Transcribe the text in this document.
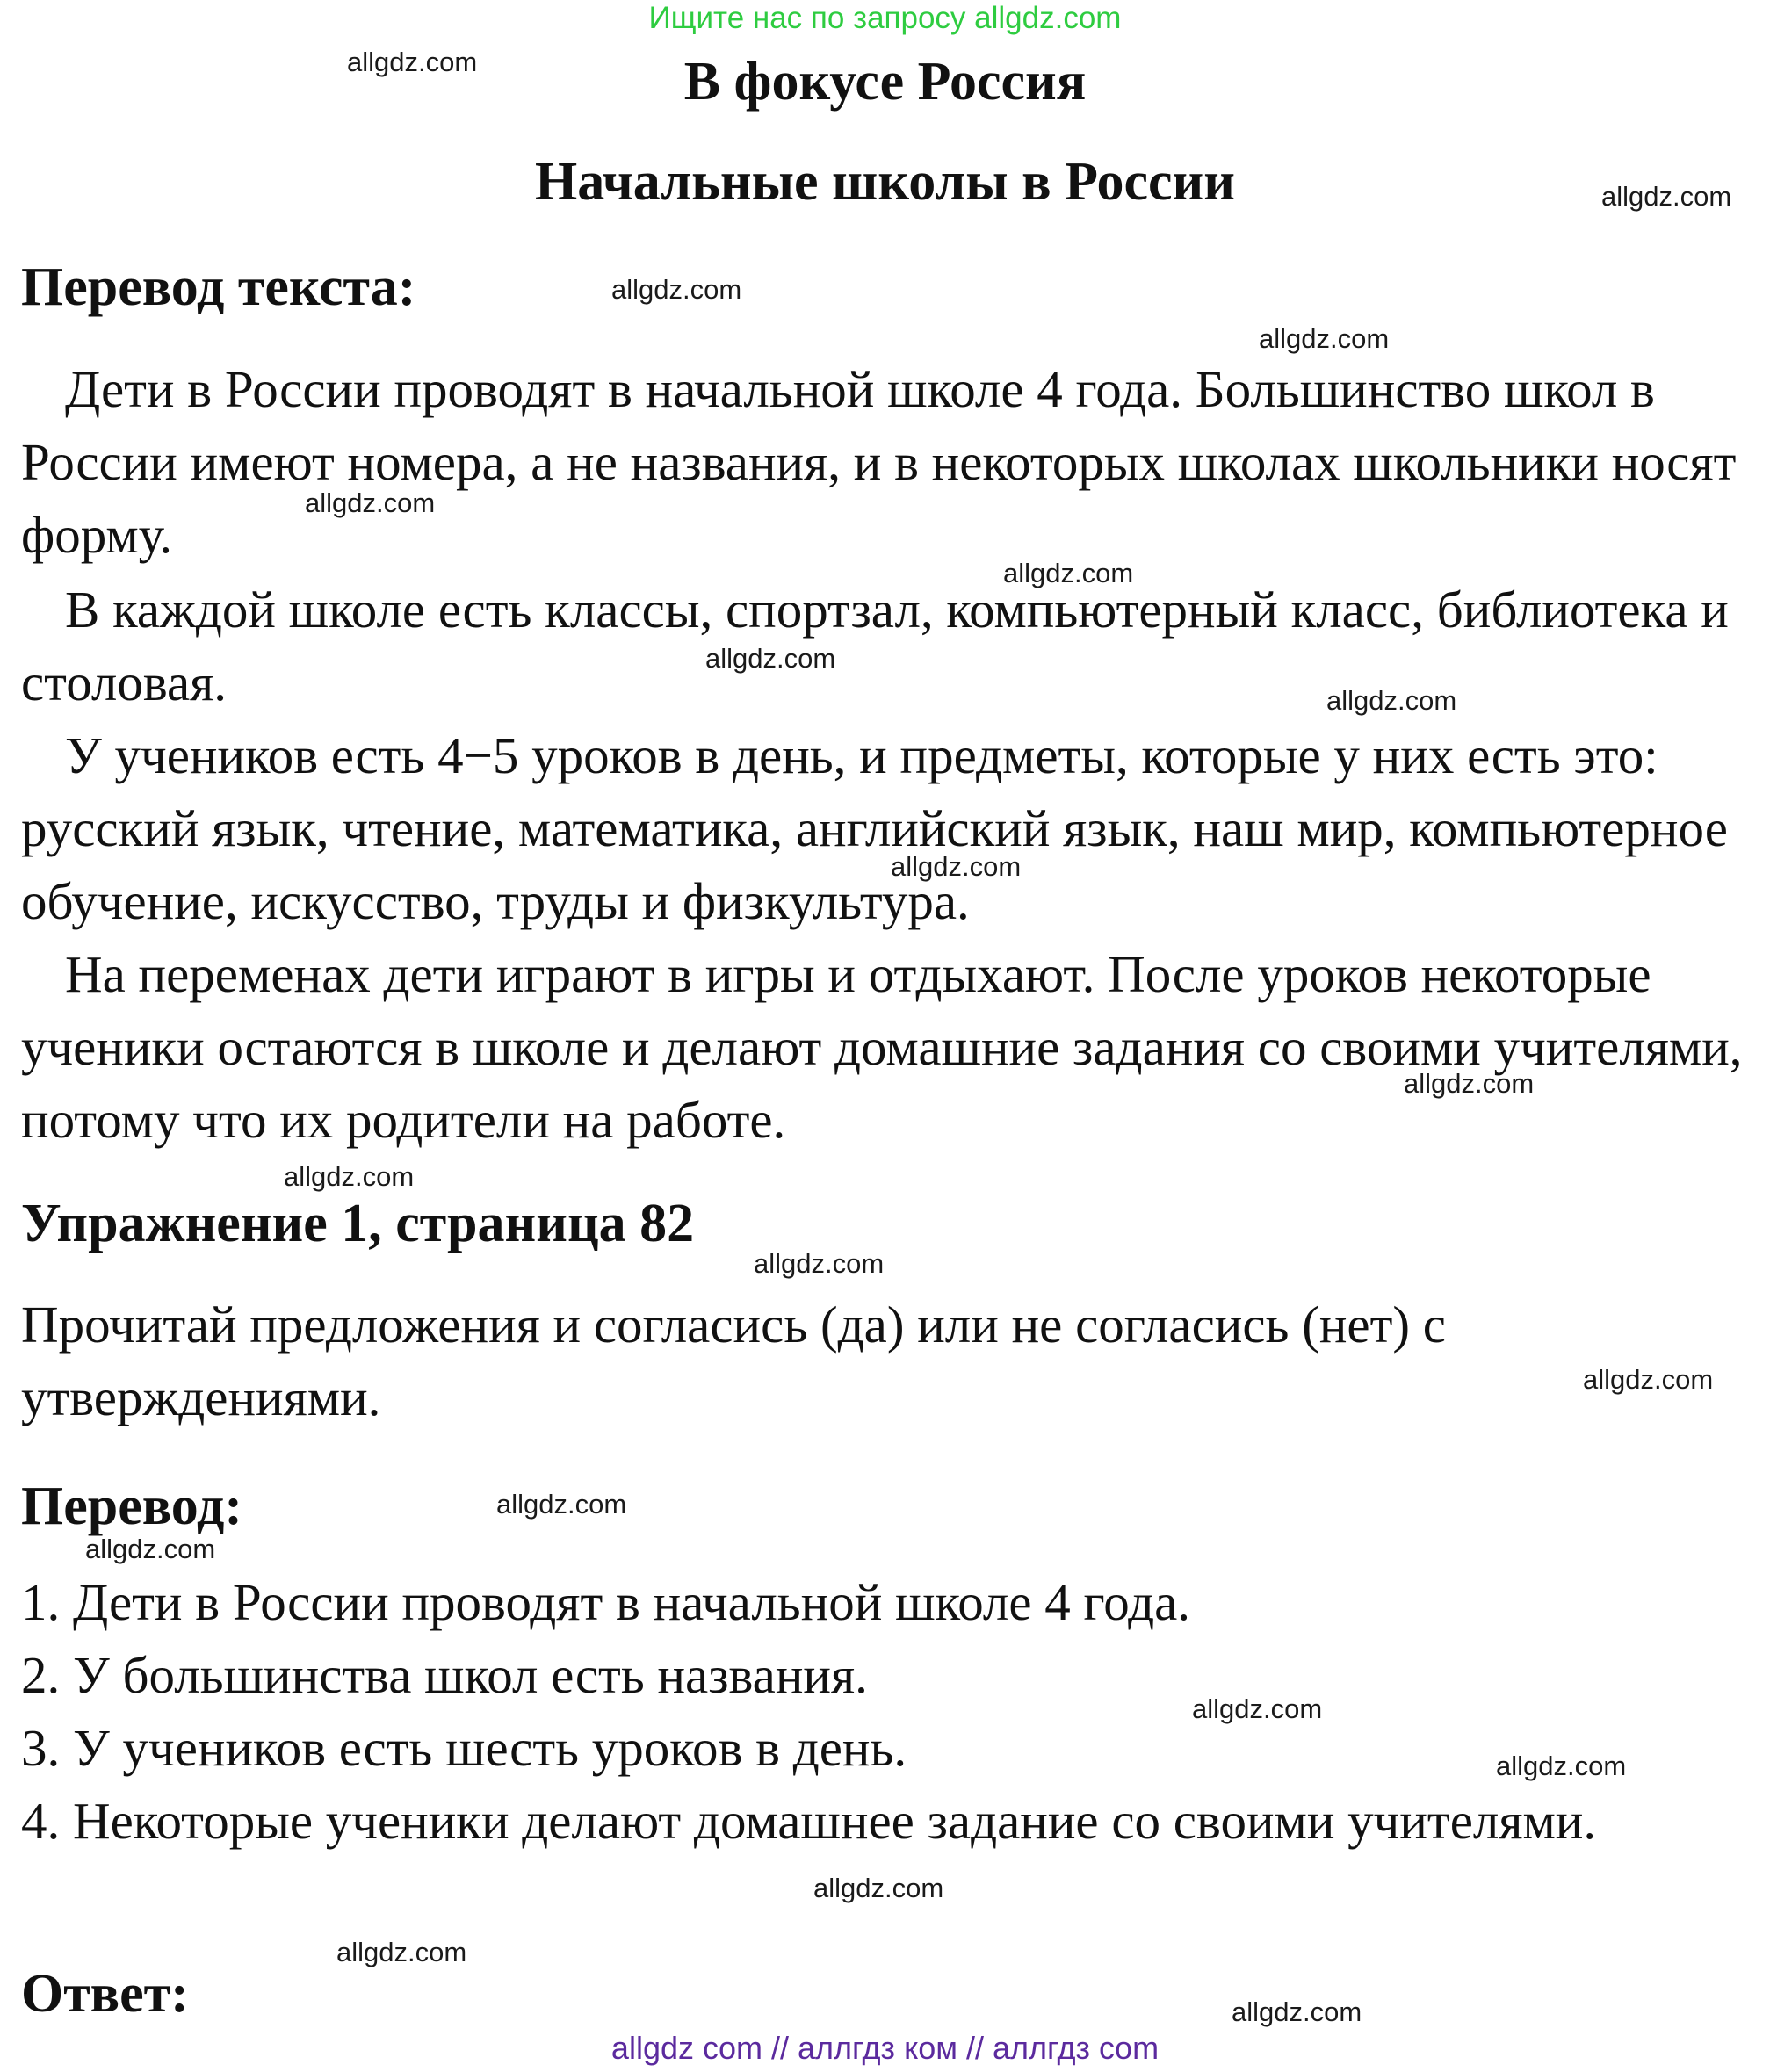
Ищите нас по запросу allgdz.com
В фокусе Россия
Начальные школы в России
Перевод текста:

Дети в России проводят в начальной школе 4 года. Большинство школ в России имеют номера, а не названия, и в некоторых школах школьники носят форму.

В каждой школе есть классы, спортзал, компьютерный класс, библиотека и столовая.

У учеников есть 4−5 уроков в день, и предметы, которые у них есть это: русский язык, чтение, математика, английский язык, наш мир, компьютерное обучение, искусство, труды и физкультура.

На переменах дети играют в игры и отдыхают. После уроков некоторые ученики остаются в школе и делают домашние задания со своими учителями, потому что их родители на работе.

Упражнение 1, страница 82

Прочитай предложения и согласись (да) или не согласись (нет) с утверждениями.

Перевод:
1. Дети в России проводят в начальной школе 4 года.
2. У большинства школ есть названия.
3. У учеников есть шесть уроков в день.

4. Некоторые ученики делают домашнее задание со своими учителями.

Ответ:
allgdz.com
allgdz.com
allgdz.com
allgdz.com
allgdz.com
allgdz.com
allgdz.com
allgdz.com
allgdz.com
allgdz.com
allgdz.com
allgdz.com
allgdz.com
allgdz.com
allgdz.com
allgdz.com
allgdz.com
allgdz.com
allgdz.com
allgdz.com
allgdz com // аллгдз ком // аллгдз com
